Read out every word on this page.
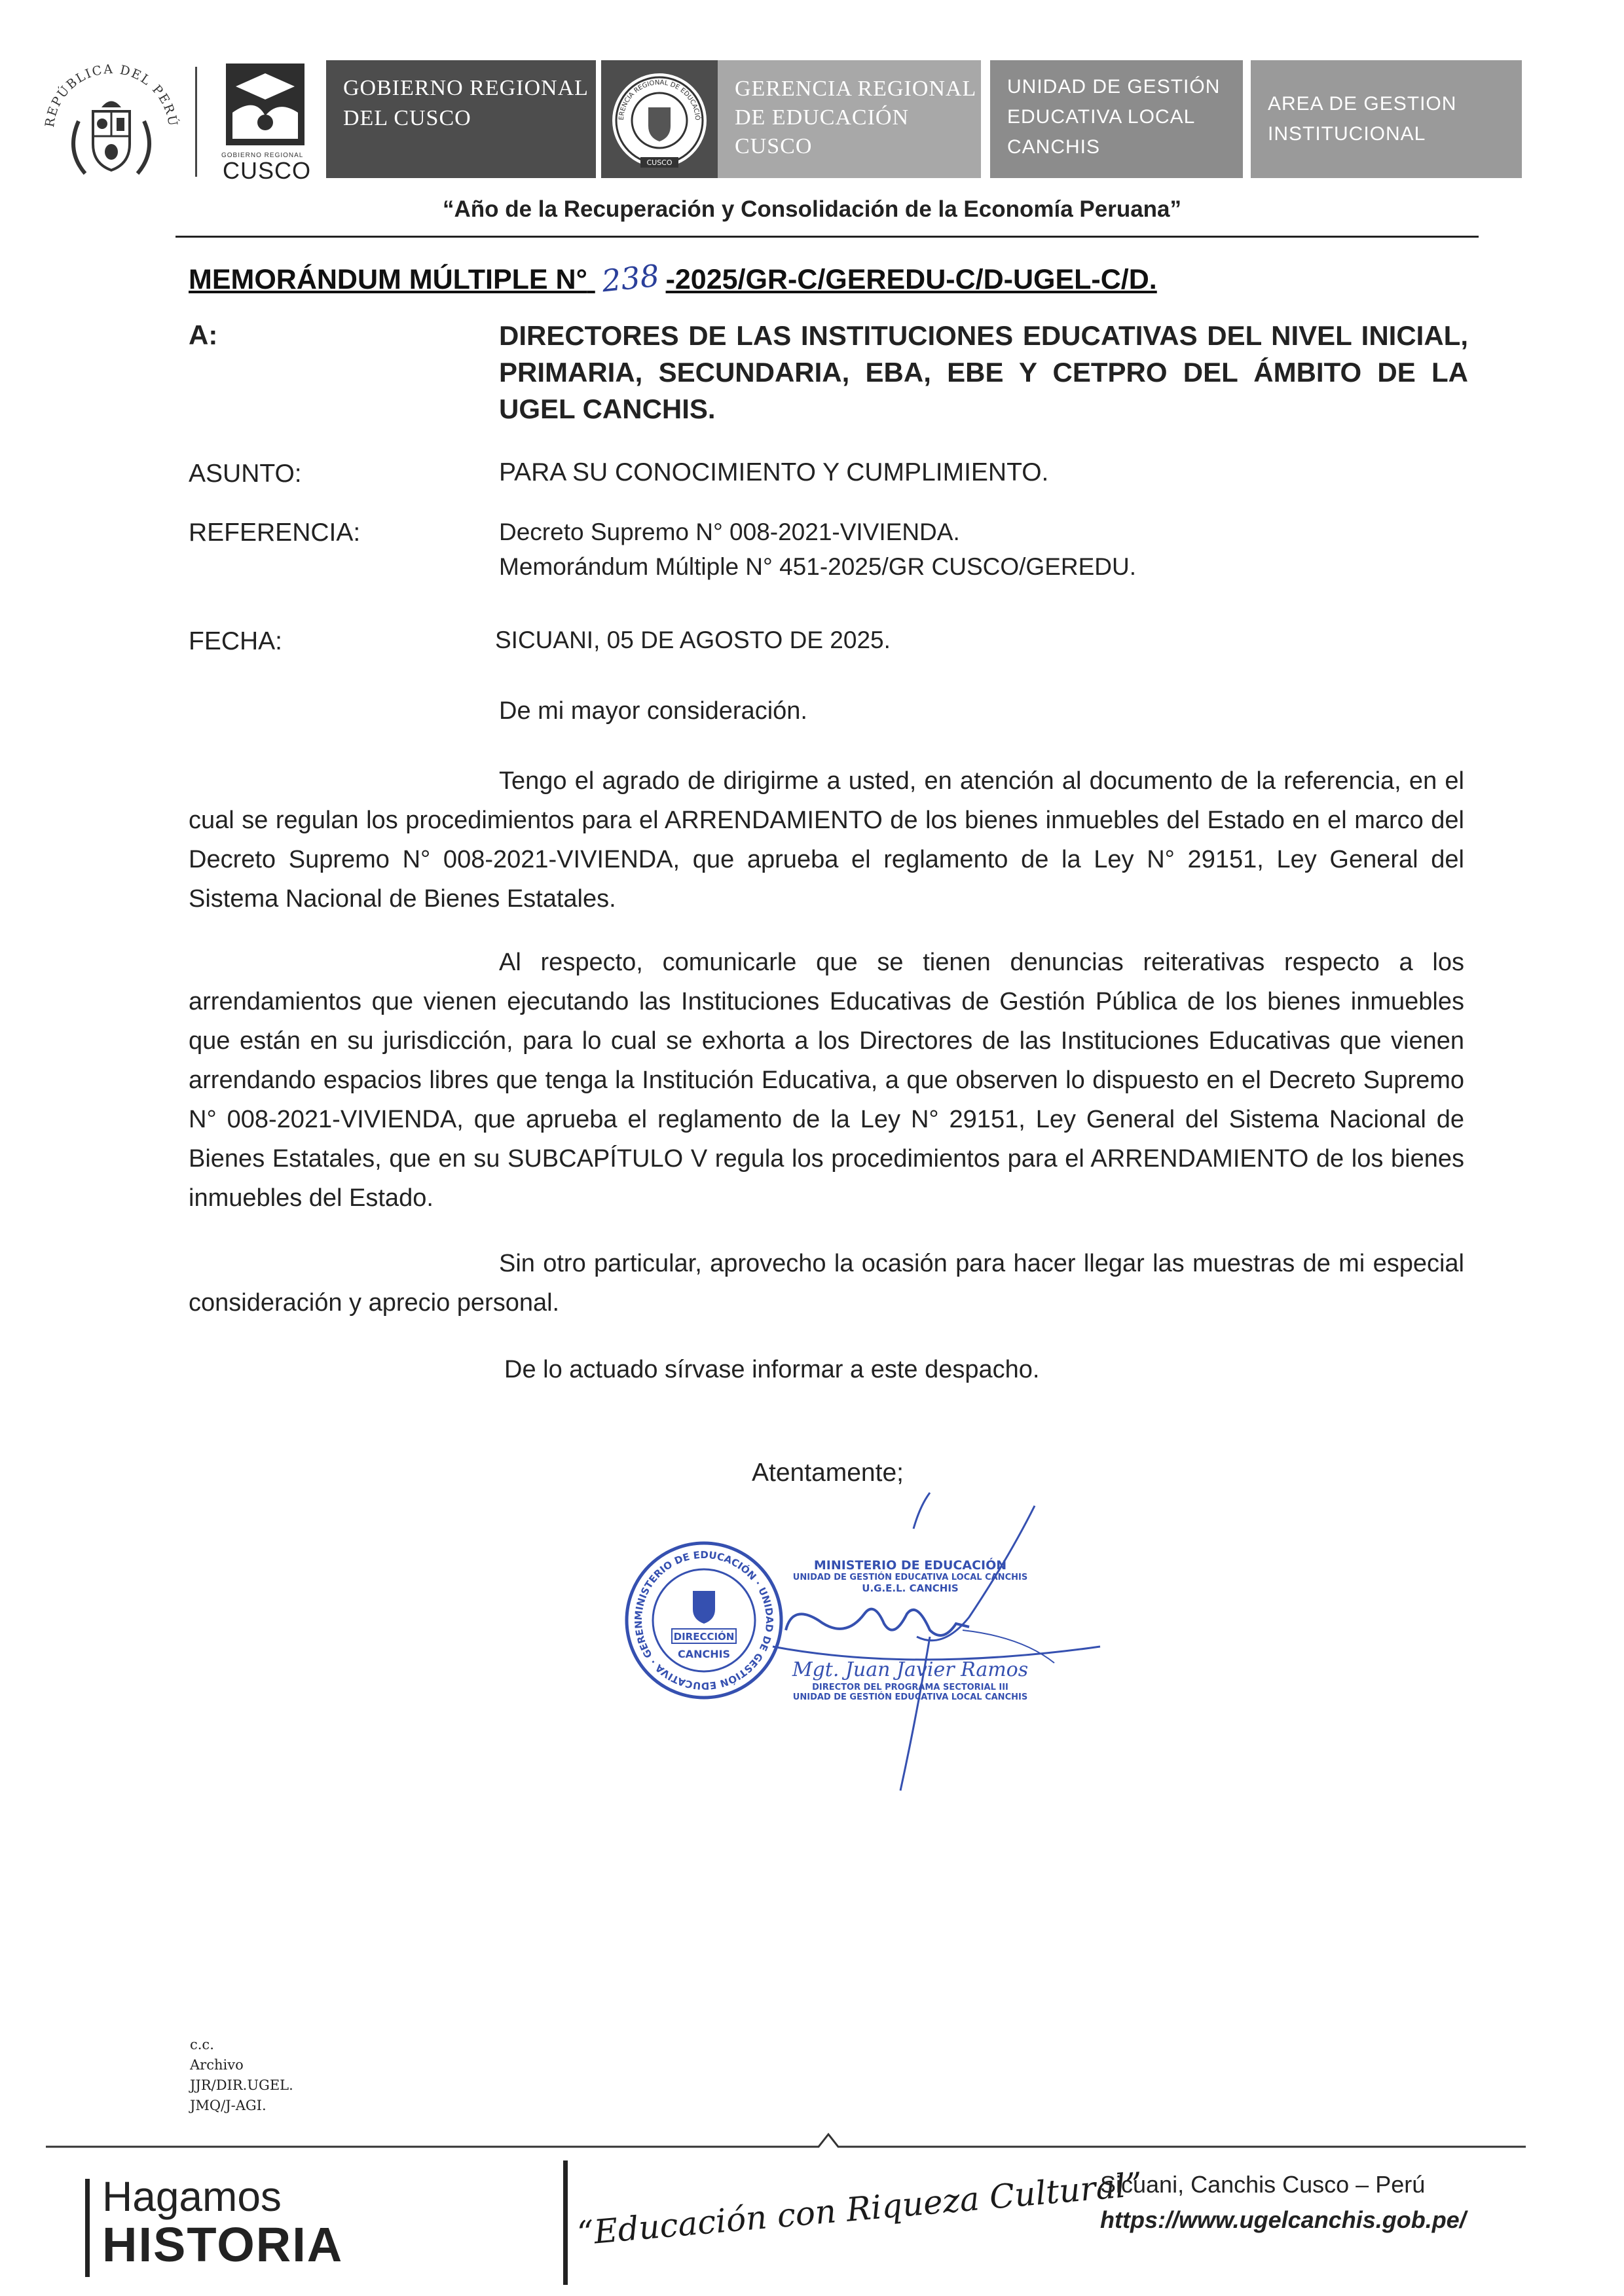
REPÚBLICA DEL PERÚ
GOBIERNO REGIONAL
CUSCO
GOBIERNO REGIONAL
DEL CUSCO	ERENCIA REGIONAL DE EDUCACIÓ
CUSCO
GERENCIA REGIONAL
DE EDUCACIÓN
CUSCO
UNIDAD DE GESTIÓN
EDUCATIVA LOCAL
CANCHIS
AREA DE GESTION
INSTITUCIONAL
“Año de la Recuperación y Consolidación de la Economía Peruana”
MEMORÁNDUM MÚLTIPLE N° 238 -2025/GR-C/GEREDU-C/D-UGEL-C/D.
A:	DIRECTORES DE LAS INSTITUCIONES EDUCATIVAS DEL NIVEL INICIAL, PRIMARIA, SECUNDARIA, EBA, EBE Y CETPRO DEL ÁMBITO DE LA UGEL CANCHIS.
ASUNTO:	PARA SU CONOCIMIENTO Y CUMPLIMIENTO.
REFERENCIA:	Decreto Supremo N° 008-2021-VIVIENDA.
Memorándum Múltiple N° 451-2025/GR CUSCO/GEREDU.
FECHA:	SICUANI, 05 DE AGOSTO DE 2025.
De mi mayor consideración.
Tengo el agrado de dirigirme a usted, en atención al documento de la referencia, en el cual se regulan los procedimientos para el ARRENDAMIENTO de los bienes inmuebles del Estado en el marco del Decreto Supremo N° 008-2021-VIVIENDA, que aprueba el reglamento de la Ley N° 29151, Ley General del Sistema Nacional de Bienes Estatales.
Al respecto, comunicarle que se tienen denuncias reiterativas respecto a los arrendamientos que vienen ejecutando las Instituciones Educativas de Gestión Pública de los bienes inmuebles que están en su jurisdicción, para lo cual se exhorta a los Directores de las Instituciones Educativas que vienen arrendando espacios libres que tenga la Institución Educativa, a que observen lo dispuesto en el Decreto Supremo N° 008-2021-VIVIENDA, que aprueba el reglamento de la Ley N° 29151, Ley General del Sistema Nacional de Bienes Estatales, que en su SUBCAPÍTULO V regula los procedimientos para el ARRENDAMIENTO de los bienes inmuebles del Estado.
Sin otro particular, aprovecho la ocasión para hacer llegar las muestras de mi especial consideración y aprecio personal.
De lo actuado sírvase informar a este despacho.
Atentamente;
MINISTERIO DE EDUCACIÓN · UNIDAD DE GESTIÓN EDUCATIVA · GEREN
DIRECCIÓN
CANCHIS
MINISTERIO DE EDUCACIÓN
UNIDAD DE GESTIÓN EDUCATIVA LOCAL CANCHIS
U.G.E.L. CANCHIS
Mgt. Juan Javier Ramos
DIRECTOR DEL PROGRAMA SECTORIAL III
UNIDAD DE GESTIÓN EDUCATIVA LOCAL CANCHIS
c.c.
Archivo
JJR/DIR.UGEL.
JMQ/J-AGI.
Hagamos
HISTORIA	“Educación con Riqueza Cultural”
Sicuani, Canchis Cusco – Perú
https://www.ugelcanchis.gob.pe/
